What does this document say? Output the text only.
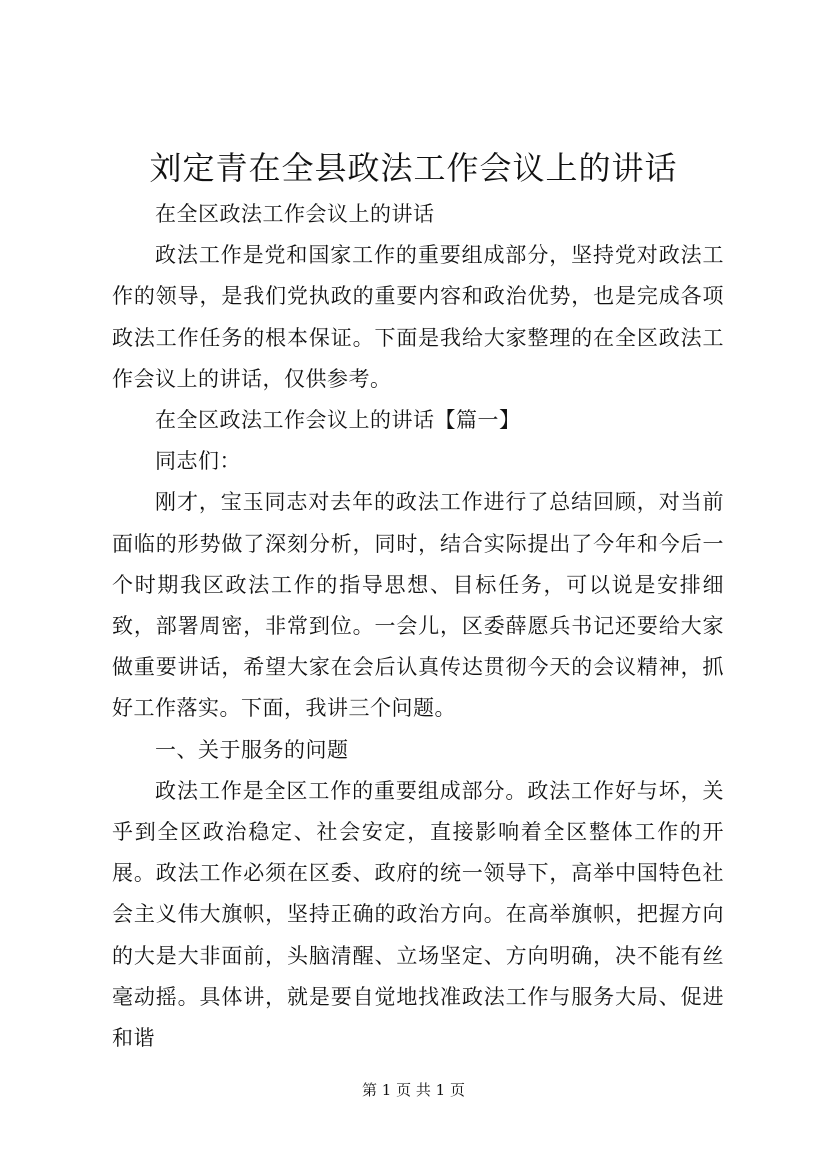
刘定青在全县政法工作会议上的讲话

在全区政法工作会议上的讲话

政法工作是党和国家工作的重要组成部分，坚持党对政法工作的领导，是我们党执政的重要内容和政治优势，也是完成各项政法工作任务的根本保证。下面是我给大家整理的在全区政法工作会议上的讲话，仅供参考。

在全区政法工作会议上的讲话【篇一】

同志们：

刚才，宝玉同志对去年的政法工作进行了总结回顾，对当前面临的形势做了深刻分析，同时，结合实际提出了今年和今后一个时期我区政法工作的指导思想、目标任务，可以说是安排细致，部署周密，非常到位。一会儿，区委薛愿兵书记还要给大家做重要讲话，希望大家在会后认真传达贯彻今天的会议精神，抓好工作落实。下面，我讲三个问题。

一、关于服务的问题

政法工作是全区工作的重要组成部分。政法工作好与坏，关乎到全区政治稳定、社会安定，直接影响着全区整体工作的开展。政法工作必须在区委、政府的统一领导下，高举中国特色社会主义伟大旗帜，坚持正确的政治方向。在高举旗帜，把握方向的大是大非面前，头脑清醒、立场坚定、方向明确，决不能有丝毫动摇。具体讲，就是要自觉地找准政法工作与服务大局、促进和谐

第 1 页 共 1 页
